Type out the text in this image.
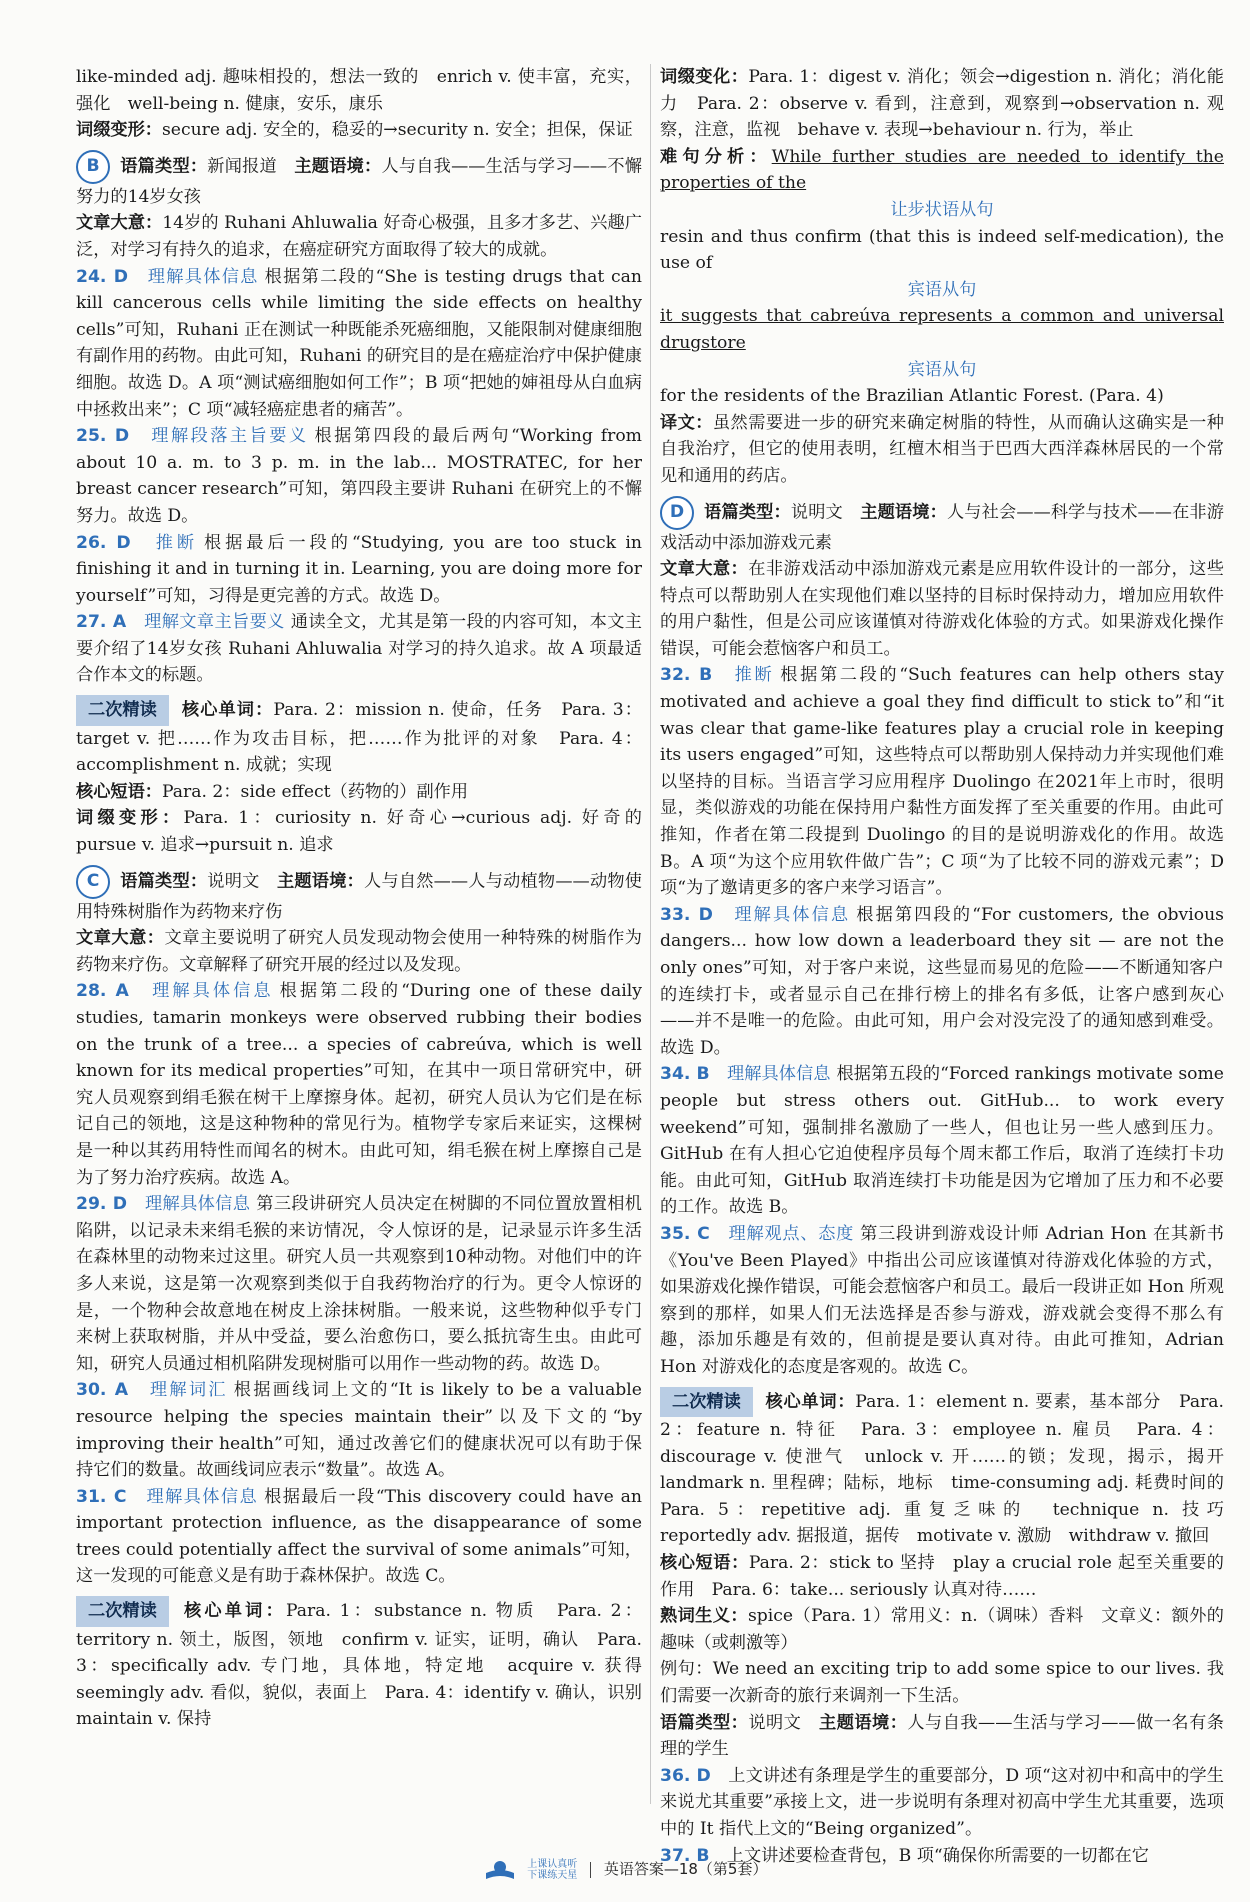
like-minded adj. 趣味相投的，想法一致的　enrich v. 使丰富，充实，强化　well-being n. 健康，安乐，康乐

词缀变形：secure adj. 安全的，稳妥的→security n. 安全；担保，保证

B 语篇类型：新闻报道　 主题语境：人与自我——生活与学习——不懈努力的14岁女孩

文章大意：14岁的 Ruhani Ahluwalia 好奇心极强，且多才多艺、兴趣广泛，对学习有持久的追求，在癌症研究方面取得了较大的成就。

24. D　 理解具体信息 根据第二段的“She is testing drugs that can kill cancerous cells while limiting the side effects on healthy cells”可知，Ruhani 正在测试一种既能杀死癌细胞，又能限制对健康细胞有副作用的药物。由此可知，Ruhani 的研究目的是在癌症治疗中保护健康细胞。故选 D。A 项“测试癌细胞如何工作”；B 项“把她的婶祖母从白血病中拯救出来”；C 项“减轻癌症患者的痛苦”。

25. D　 理解段落主旨要义 根据第四段的最后两句“Working from about 10 a. m. to 3 p. m. in the lab... MOSTRATEC, for her breast cancer research”可知，第四段主要讲 Ruhani 在研究上的不懈努力。故选 D。

26. D　 推断 根据最后一段的“Studying, you are too stuck in finishing it and in turning it in. Learning, you are doing more for yourself”可知，习得是更完善的方式。故选 D。

27. A　 理解文章主旨要义 通读全文，尤其是第一段的内容可知，本文主要介绍了14岁女孩 Ruhani Ahluwalia 对学习的持久追求。故 A 项最适合作本文的标题。

二次精读 核心单词：Para. 2：mission n. 使命，任务　Para. 3：target v. 把……作为攻击目标，把……作为批评的对象　Para. 4：accomplishment n. 成就；实现

核心短语：Para. 2：side effect（药物的）副作用

词缀变形：Para. 1：curiosity n. 好奇心→curious adj. 好奇的　pursue v. 追求→pursuit n. 追求

C 语篇类型：说明文　 主题语境：人与自然——人与动植物——动物使用特殊树脂作为药物来疗伤

文章大意：文章主要说明了研究人员发现动物会使用一种特殊的树脂作为药物来疗伤。文章解释了研究开展的经过以及发现。

28. A　 理解具体信息 根据第二段的“During one of these daily studies, tamarin monkeys were observed rubbing their bodies on the trunk of a tree... a species of cabreúva, which is well known for its medical properties”可知，在其中一项日常研究中，研究人员观察到绢毛猴在树干上摩擦身体。起初，研究人员认为它们是在标记自己的领地，这是这种物种的常见行为。植物学专家后来证实，这棵树是一种以其药用特性而闻名的树木。由此可知，绢毛猴在树上摩擦自己是为了努力治疗疾病。故选 A。

29. D　 理解具体信息 第三段讲研究人员决定在树脚的不同位置放置相机陷阱，以记录未来绢毛猴的来访情况，令人惊讶的是，记录显示许多生活在森林里的动物来过这里。研究人员一共观察到10种动物。对他们中的许多人来说，这是第一次观察到类似于自我药物治疗的行为。更令人惊讶的是，一个物种会故意地在树皮上涂抹树脂。一般来说，这些物种似乎专门来树上获取树脂，并从中受益，要么治愈伤口，要么抵抗寄生虫。由此可知，研究人员通过相机陷阱发现树脂可以用作一些动物的药。故选 D。

30. A　 理解词汇 根据画线词上文的“It is likely to be a valuable resource helping the species maintain their”以及下文的“by improving their health”可知，通过改善它们的健康状况可以有助于保持它们的数量。故画线词应表示“数量”。故选 A。

31. C　 理解具体信息 根据最后一段“This discovery could have an important protection influence, as the disappearance of some trees could potentially affect the survival of some animals”可知，这一发现的可能意义是有助于森林保护。故选 C。

二次精读 核心单词：Para. 1：substance n. 物质　Para. 2：territory n. 领土，版图，领地　confirm v. 证实，证明，确认　Para. 3：specifically adv. 专门地，具体地，特定地　acquire v. 获得　seemingly adv. 看似，貌似，表面上　Para. 4：identify v. 确认，识别　maintain v. 保持

词缀变化：Para. 1：digest v. 消化；领会→digestion n. 消化；消化能力　Para. 2：observe v. 看到，注意到，观察到→observation n. 观察，注意，监视　behave v. 表现→behaviour n. 行为，举止

难句分析：While further studies are needed to identify the properties of the

让步状语从句

resin and thus confirm (that this is indeed self-medication), the use of

宾语从句

it suggests that cabreúva represents a common and universal drugstore

宾语从句

for the residents of the Brazilian Atlantic Forest. (Para. 4)

译文：虽然需要进一步的研究来确定树脂的特性，从而确认这确实是一种自我治疗，但它的使用表明，红檀木相当于巴西大西洋森林居民的一个常见和通用的药店。

D 语篇类型：说明文　 主题语境：人与社会——科学与技术——在非游戏活动中添加游戏元素

文章大意：在非游戏活动中添加游戏元素是应用软件设计的一部分，这些特点可以帮助别人在实现他们难以坚持的目标时保持动力，增加应用软件的用户黏性，但是公司应该谨慎对待游戏化体验的方式。如果游戏化操作错误，可能会惹恼客户和员工。

32. B　 推断 根据第二段的“Such features can help others stay motivated and achieve a goal they find difficult to stick to”和“it was clear that game-like features play a crucial role in keeping its users engaged”可知，这些特点可以帮助别人保持动力并实现他们难以坚持的目标。当语言学习应用程序 Duolingo 在2021年上市时，很明显，类似游戏的功能在保持用户黏性方面发挥了至关重要的作用。由此可推知，作者在第二段提到 Duolingo 的目的是说明游戏化的作用。故选 B。A 项“为这个应用软件做广告”；C 项“为了比较不同的游戏元素”；D 项“为了邀请更多的客户来学习语言”。

33. D　 理解具体信息 根据第四段的“For customers, the obvious dangers... how low down a leaderboard they sit — are not the only ones”可知，对于客户来说，这些显而易见的危险——不断通知客户的连续打卡，或者显示自己在排行榜上的排名有多低，让客户感到灰心——并不是唯一的危险。由此可知，用户会对没完没了的通知感到难受。故选 D。

34. B　 理解具体信息 根据第五段的“Forced rankings motivate some people but stress others out. GitHub... to work every weekend”可知，强制排名激励了一些人，但也让另一些人感到压力。GitHub 在有人担心它迫使程序员每个周末都工作后，取消了连续打卡功能。由此可知，GitHub 取消连续打卡功能是因为它增加了压力和不必要的工作。故选 B。

35. C　 理解观点、态度 第三段讲到游戏设计师 Adrian Hon 在其新书《You've Been Played》中指出公司应该谨慎对待游戏化体验的方式，如果游戏化操作错误，可能会惹恼客户和员工。最后一段讲正如 Hon 所观察到的那样，如果人们无法选择是否参与游戏，游戏就会变得不那么有趣，添加乐趣是有效的，但前提是要认真对待。由此可推知，Adrian Hon 对游戏化的态度是客观的。故选 C。

二次精读 核心单词：Para. 1：element n. 要素，基本部分　Para. 2：feature n. 特征　Para. 3：employee n. 雇员　Para. 4：discourage v. 使泄气　unlock v. 开……的锁；发现，揭示，揭开　landmark n. 里程碑；陆标，地标　time-consuming adj. 耗费时间的　Para. 5：repetitive adj. 重复乏味的　technique n. 技巧　reportedly adv. 据报道，据传　motivate v. 激励　withdraw v. 撤回

核心短语：Para. 2：stick to 坚持　play a crucial role 起至关重要的作用　Para. 6：take... seriously 认真对待……

熟词生义：spice（Para. 1）常用义：n.（调味）香料　文章义：额外的趣味（或刺激等）

例句：We need an exciting trip to add some spice to our lives. 我们需要一次新奇的旅行来调剂一下生活。

语篇类型：说明文　 主题语境：人与自我——生活与学习——做一名有条理的学生

36. D　 上文讲述有条理是学生的重要部分，D 项“这对初中和高中的学生来说尤其重要”承接上文，进一步说明有条理对初高中学生尤其重要，选项中的 It 指代上文的“Being organized”。

37. B　 上文讲述要检查背包，B 项“确保你所需要的一切都在它

上课认真听
下课练天星 英语答案—18（第5套）
